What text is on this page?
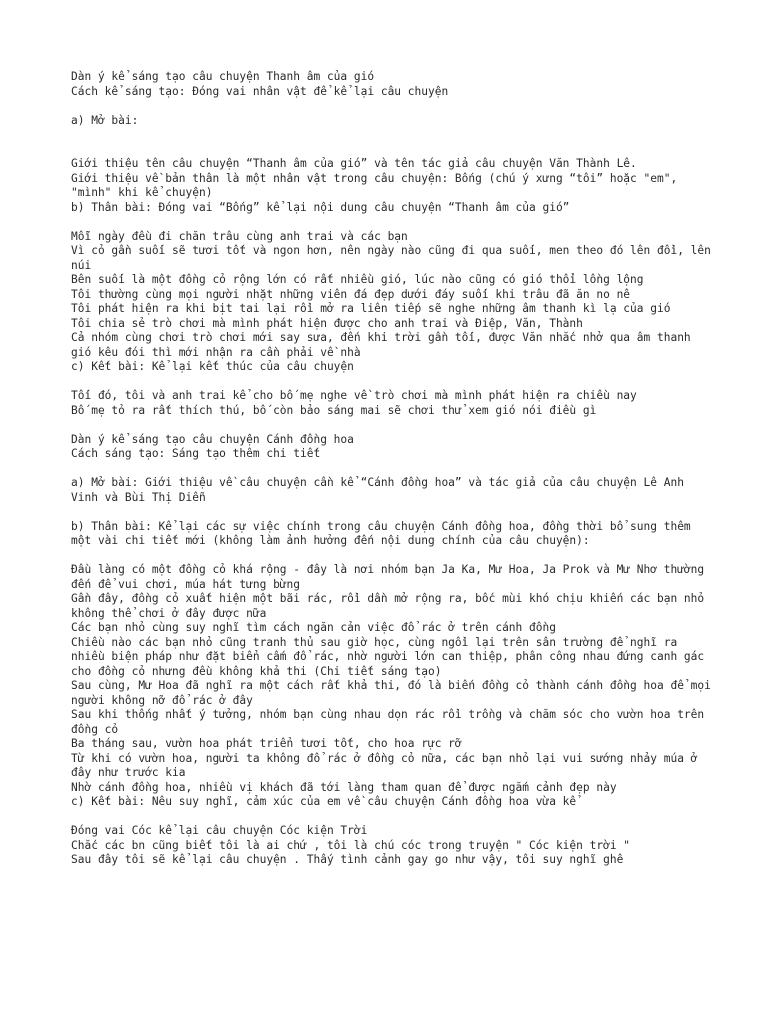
Dàn ý kể sáng tạo câu chuyện Thanh âm của gió
Cách kể sáng tạo: Đóng vai nhân vật để kể lại câu chuyện
a) Mở bài:
Giới thiệu tên câu chuyện “Thanh âm của gió” và tên tác giả câu chuyện Văn Thành Lê.
Giới thiệu về bản thân là một nhân vật trong câu chuyện: Bống (chú ý xưng “tôi” hoặc "em", "mình" khi kể chuyện)
b) Thân bài: Đóng vai “Bống” kể lại nội dung câu chuyện “Thanh âm của gió”
Mỗi ngày đều đi chăn trâu cùng anh trai và các bạn
Vì cỏ gần suối sẽ tươi tốt và ngon hơn, nên ngày nào cũng đi qua suối, men theo đó lên đồi, lên núi
Bên suối là một đồng cỏ rộng lớn có rất nhiều gió, lúc nào cũng có gió thổi lồng lộng
Tôi thường cùng mọi người nhặt những viên đá đẹp dưới đáy suối khi trâu đã ăn no nê
Tôi phát hiện ra khi bịt tai lại rồi mở ra liên tiếp sẽ nghe những âm thanh kì lạ của gió
Tôi chia sẻ trò chơi mà mình phát hiện được cho anh trai và Điệp, Văn, Thành
Cả nhóm cùng chơi trò chơi mới say sưa, đến khi trời gần tối, được Văn nhắc nhở qua âm thanh gió kêu đói thì mới nhận ra cần phải về nhà
c) Kết bài: Kể lại kết thúc của câu chuyện
Tối đó, tôi và anh trai kể cho bố mẹ nghe về trò chơi mà mình phát hiện ra chiều nay
Bố mẹ tỏ ra rất thích thú, bố còn bảo sáng mai sẽ chơi thử xem gió nói điều gì
Dàn ý kể sáng tạo câu chuyện Cánh đồng hoa
Cách sáng tạo: Sáng tạo thêm chi tiết
a) Mở bài: Giới thiệu về câu chuyện cần kể “Cánh đồng hoa” và tác giả của câu chuyện Lê Anh Vinh và Bùi Thị Diễn
b) Thân bài: Kể lại các sự việc chính trong câu chuyện Cánh đồng hoa, đồng thời bổ sung thêm một vài chi tiết mới (không làm ảnh hưởng đến nội dung chính của câu chuyện):
Đầu làng có một đồng cỏ khá rộng - đây là nơi nhóm bạn Ja Ka, Mư Hoa, Ja Prok và Mư Nhơ thường đến để vui chơi, múa hát tưng bừng
Gần đây, đồng cỏ xuất hiện một bãi rác, rồi dần mở rộng ra, bốc mùi khó chịu khiến các bạn nhỏ không thể chơi ở đây được nữa
Các bạn nhỏ cùng suy nghĩ tìm cách ngăn cản việc đổ rác ở trên cánh đồng
Chiều nào các bạn nhỏ cũng tranh thủ sau giờ học, cùng ngồi lại trên sân trường để nghĩ ra nhiều biện pháp như đặt biển cấm đổ rác, nhờ người lớn can thiệp, phân công nhau đứng canh gác cho đồng cỏ nhưng đều không khả thi (Chi tiết sáng tạo)
Sau cùng, Mư Hoa đã nghĩ ra một cách rất khả thi, đó là biến đồng cỏ thành cánh đồng hoa để mọi người không nỡ đổ rác ở đây
Sau khi thống nhất ý tưởng, nhóm bạn cùng nhau dọn rác rồi trồng và chăm sóc cho vườn hoa trên đồng cỏ
Ba tháng sau, vườn hoa phát triển tươi tốt, cho hoa rực rỡ
Từ khi có vườn hoa, người ta không đổ rác ở đồng cỏ nữa, các bạn nhỏ lại vui sướng nhảy múa ở đây như trước kia
Nhờ cánh đồng hoa, nhiều vị khách đã tới làng tham quan để được ngắm cảnh đẹp này
c) Kết bài: Nêu suy nghĩ, cảm xúc của em về câu chuyện Cánh đồng hoa vừa kể
Đóng vai Cóc kể lại câu chuyện Cóc kiện Trời
Chắc các bn cũng biết tôi là ai chứ , tôi là chú cóc trong truyện " Cóc kiện trời "
Sau đây tôi sẽ kể lại câu chuyện . Thấy tình cảnh gay go như vậy, tôi suy nghĩ ghê
